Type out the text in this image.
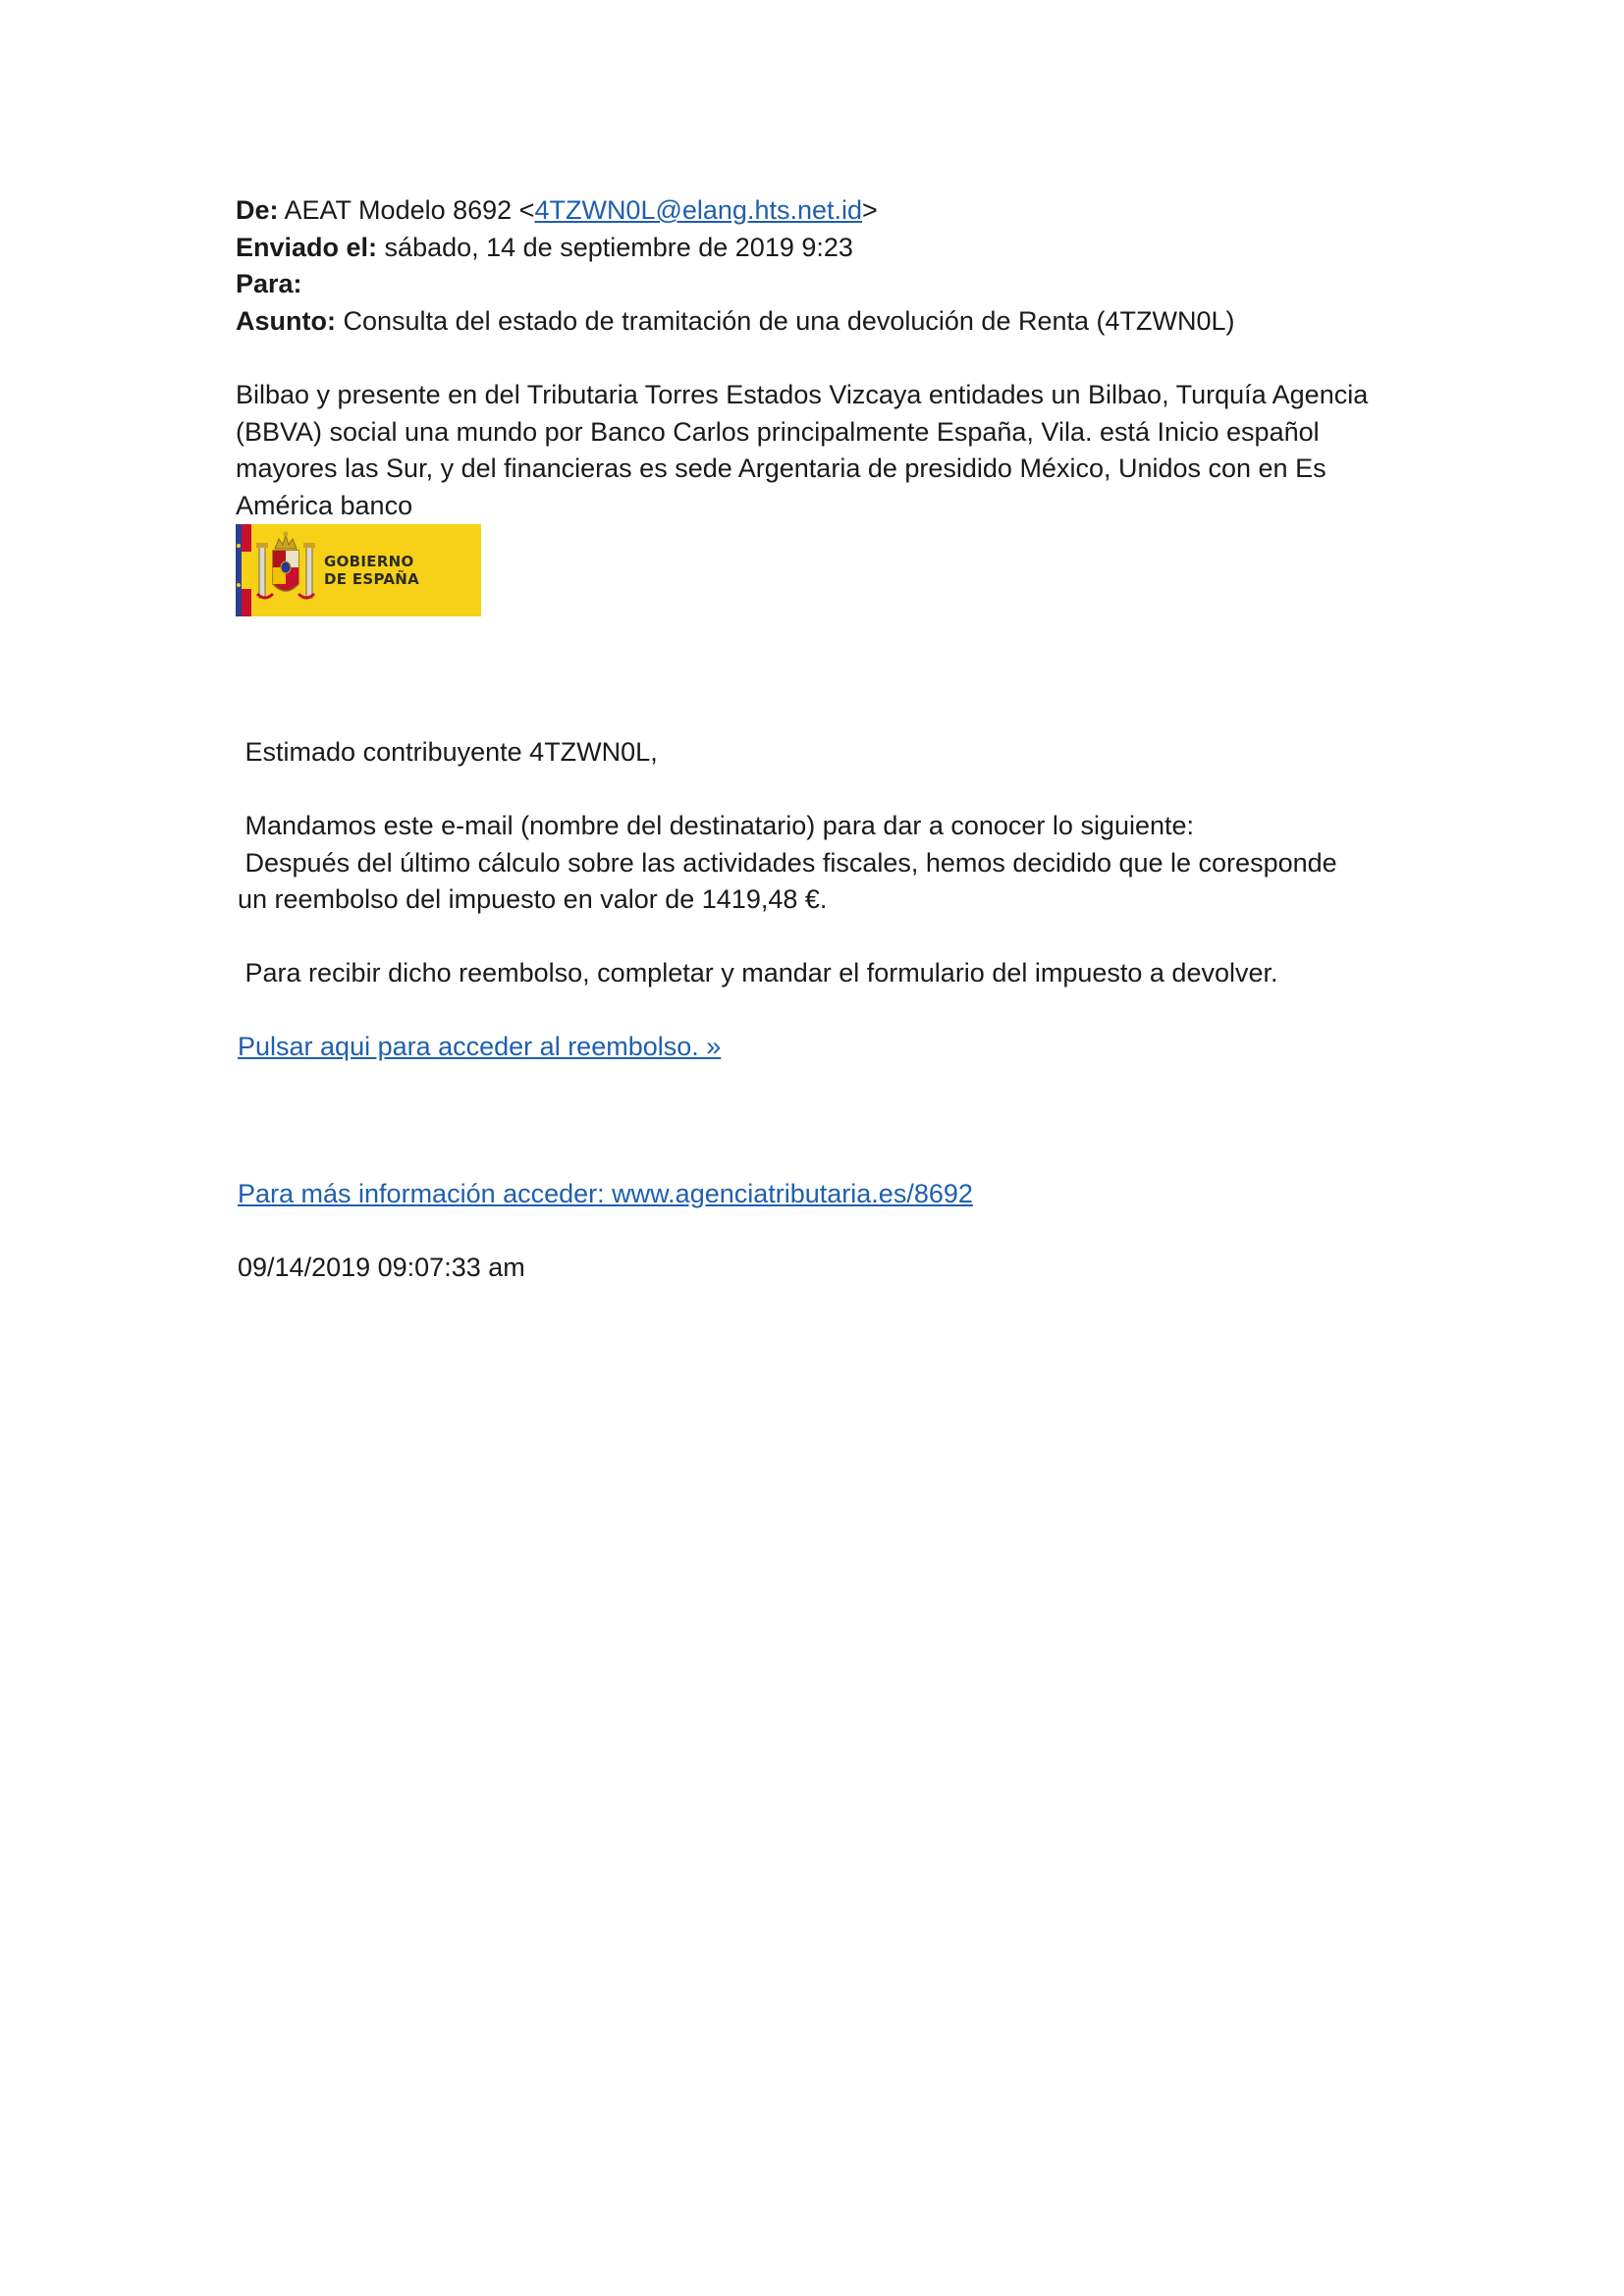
De: AEAT Modelo 8692 <4TZWN0L@elang.hts.net.id>
Enviado el: sábado, 14 de septiembre de 2019 9:23
Para:
Asunto: Consulta del estado de tramitación de una devolución de Renta (4TZWN0L)
Bilbao y presente en del Tributaria Torres Estados Vizcaya entidades un Bilbao, Turquía Agencia (BBVA) social una mundo por Banco Carlos principalmente España, Vila. está Inicio español mayores las Sur, y del financieras es sede Argentaria de presidido México, Unidos con en Es América banco
GOBIERNO
DE ESPAÑA

Estimado contribuyente 4TZWN0L,

Mandamos este e-mail (nombre del destinatario) para dar a conocer lo siguiente:

Después del último cálculo sobre las actividades fiscales, hemos decidido que le coresponde

un reembolso del impuesto en valor de 1419,48 €.

Para recibir dicho reembolso, completar y mandar el formulario del impuesto a devolver.

Pulsar aqui para acceder al reembolso. »

Para más información acceder: www.agenciatributaria.es/8692

09/14/2019 09:07:33 am
